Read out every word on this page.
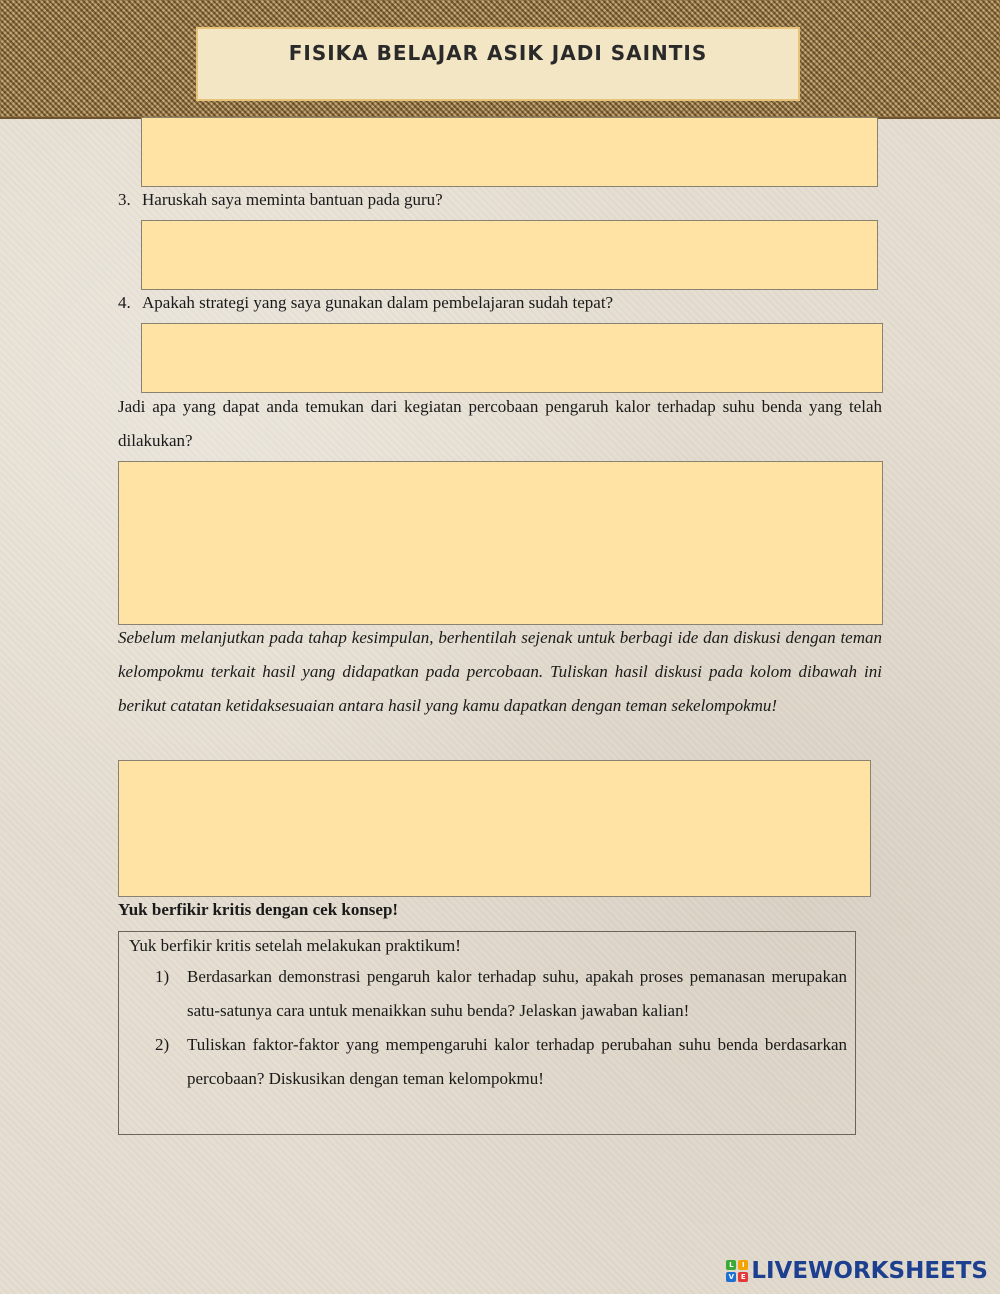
FISIKA BELAJAR ASIK JADI SAINTIS
3. Haruskah saya meminta bantuan pada guru?
4. Apakah strategi yang saya gunakan dalam pembelajaran sudah tepat?
Jadi apa yang dapat anda temukan dari kegiatan percobaan pengaruh kalor terhadap suhu benda yang telah dilakukan?
Sebelum melanjutkan pada tahap kesimpulan, berhentilah sejenak untuk berbagi ide dan diskusi dengan teman kelompokmu terkait hasil yang didapatkan pada percobaan. Tuliskan hasil diskusi pada kolom dibawah ini berikut catatan ketidaksesuaian antara hasil yang kamu dapatkan dengan teman sekelompokmu!
Yuk berfikir kritis dengan cek konsep!
Yuk berfikir kritis setelah melakukan praktikum!
1)	Berdasarkan demonstrasi pengaruh kalor terhadap suhu, apakah proses pemanasan merupakan satu-satunya cara untuk menaikkan suhu benda? Jelaskan jawaban kalian!
2)	Tuliskan faktor-faktor yang mempengaruhi kalor terhadap perubahan suhu benda berdasarkan percobaan? Diskusikan dengan teman kelompokmu!
L	I
V E LIVEWORKSHEETS
